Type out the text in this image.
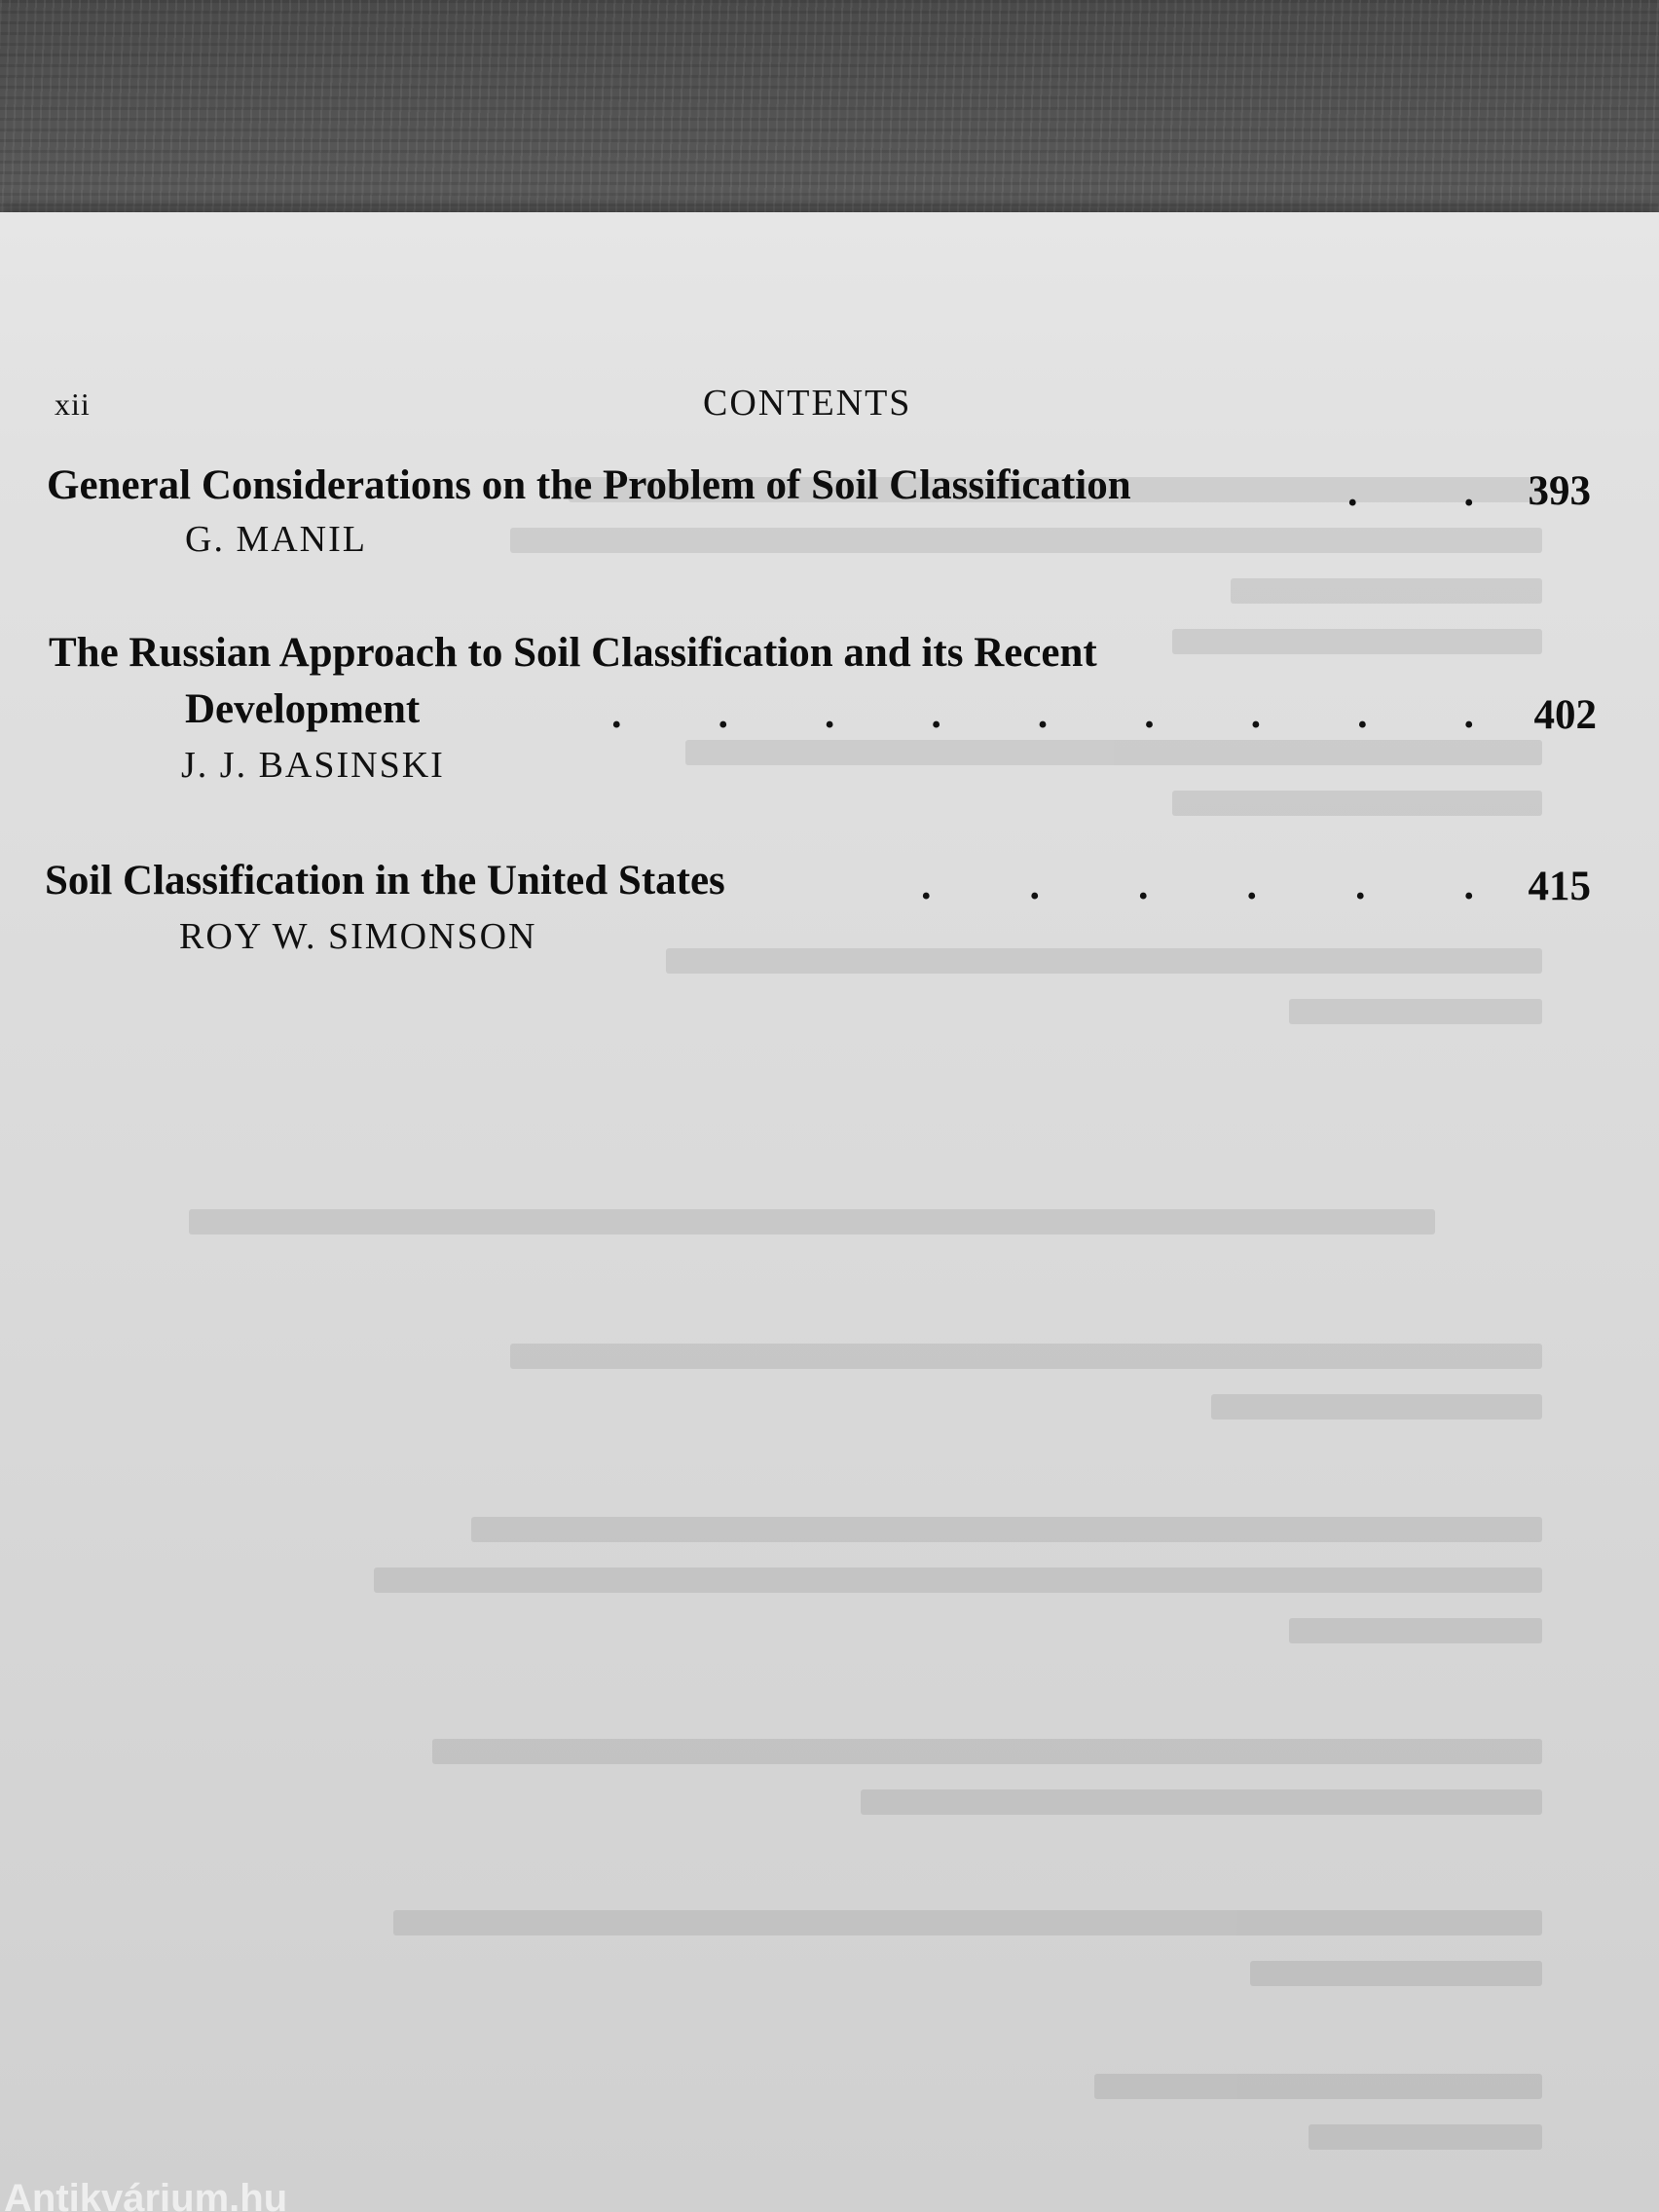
xii	CONTENTS
General Considerations on the Problem of Soil Classification	.	.	393
G. MANIL
The Russian Approach to Soil Classification and its Recent
Development	. . . . . . . . .	402
J. J. BASINSKI
Soil Classification in the United States	. . . . . .	415
ROY W. SIMONSON
Antikvárium.hu
